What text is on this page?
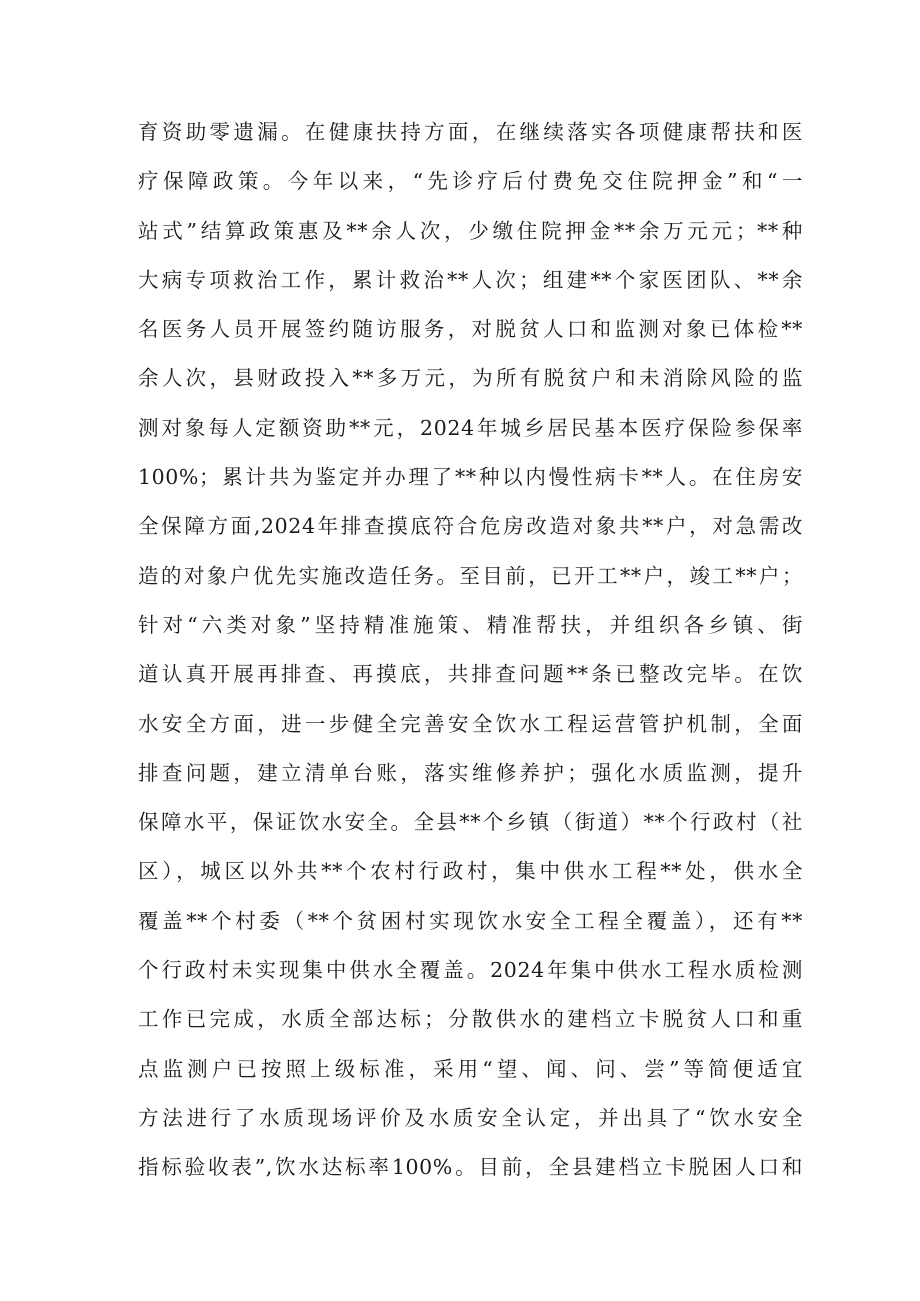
育资助零遗漏。在健康扶持方面，在继续落实各项健康帮扶和医
疗保障政策。今年以来，“先诊疗后付费免交住院押金”和“一
站式”结算政策惠及**余人次，少缴住院押金**余万元元；**种
大病专项救治工作，累计救治**人次；组建**个家医团队、**余
名医务人员开展签约随访服务，对脱贫人口和监测对象已体检**
余人次，县财政投入**多万元，为所有脱贫户和未消除风险的监
测对象每人定额资助**元，2024年城乡居民基本医疗保险参保率
100%；累计共为鉴定并办理了**种以内慢性病卡**人。在住房安
全保障方面,2024年排查摸底符合危房改造对象共**户，对急需改
造的对象户优先实施改造任务。至目前，已开工**户，竣工**户；
针对“六类对象”坚持精准施策、精准帮扶，并组织各乡镇、街
道认真开展再排查、再摸底，共排查问题**条已整改完毕。在饮
水安全方面，进一步健全完善安全饮水工程运营管护机制，全面
排查问题，建立清单台账，落实维修养护；强化水质监测，提升
保障水平，保证饮水安全。全县**个乡镇（街道）**个行政村（社
区），城区以外共**个农村行政村，集中供水工程**处，供水全
覆盖**个村委（**个贫困村实现饮水安全工程全覆盖），还有**
个行政村未实现集中供水全覆盖。2024年集中供水工程水质检测
工作已完成，水质全部达标；分散供水的建档立卡脱贫人口和重
点监测户已按照上级标准，采用“望、闻、问、尝”等简便适宜
方法进行了水质现场评价及水质安全认定，并出具了“饮水安全
指标验收表”,饮水达标率100%。目前，全县建档立卡脱困人口和
